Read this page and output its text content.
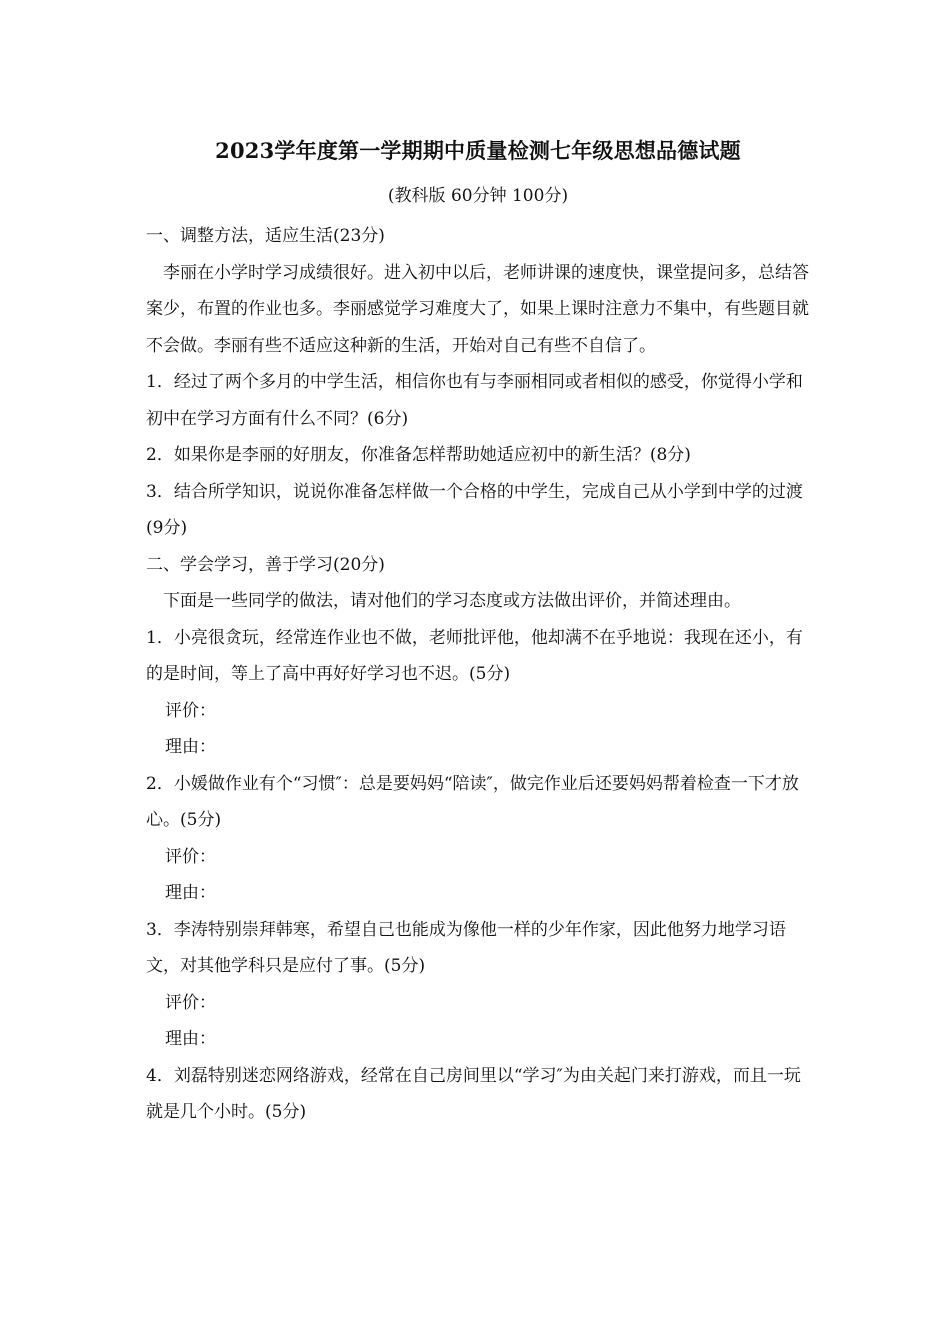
2023学年度第一学期期中质量检测七年级思想品德试题
(教科版 60分钟 100分)

一、调整方法，适应生活(23分)

李丽在小学时学习成绩很好。进入初中以后，老师讲课的速度快，课堂提问多，总结答案少，布置的作业也多。李丽感觉学习难度大了，如果上课时注意力不集中，有些题目就不会做。李丽有些不适应这种新的生活，开始对自己有些不自信了。

1．经过了两个多月的中学生活，相信你也有与李丽相同或者相似的感受，你觉得小学和初中在学习方面有什么不同？(6分)

2．如果你是李丽的好朋友，你准备怎样帮助她适应初中的新生活？(8分)

3．结合所学知识，说说你准备怎样做一个合格的中学生，完成自己从小学到中学的过渡(9分)

二、学会学习，善于学习(20分)

下面是一些同学的做法，请对他们的学习态度或方法做出评价，并简述理由。

1．小亮很贪玩，经常连作业也不做，老师批评他，他却满不在乎地说：我现在还小，有的是时间，等上了高中再好好学习也不迟。(5分)

评价：

理由：

2．小媛做作业有个“习惯″：总是要妈妈“陪读″，做完作业后还要妈妈帮着检查一下才放心。(5分)

评价：

理由：

3．李涛特别崇拜韩寒，希望自己也能成为像他一样的少年作家，因此他努力地学习语文，对其他学科只是应付了事。(5分)

评价：

理由：

4．刘磊特别迷恋网络游戏，经常在自己房间里以“学习″为由关起门来打游戏，而且一玩就是几个小时。(5分)
